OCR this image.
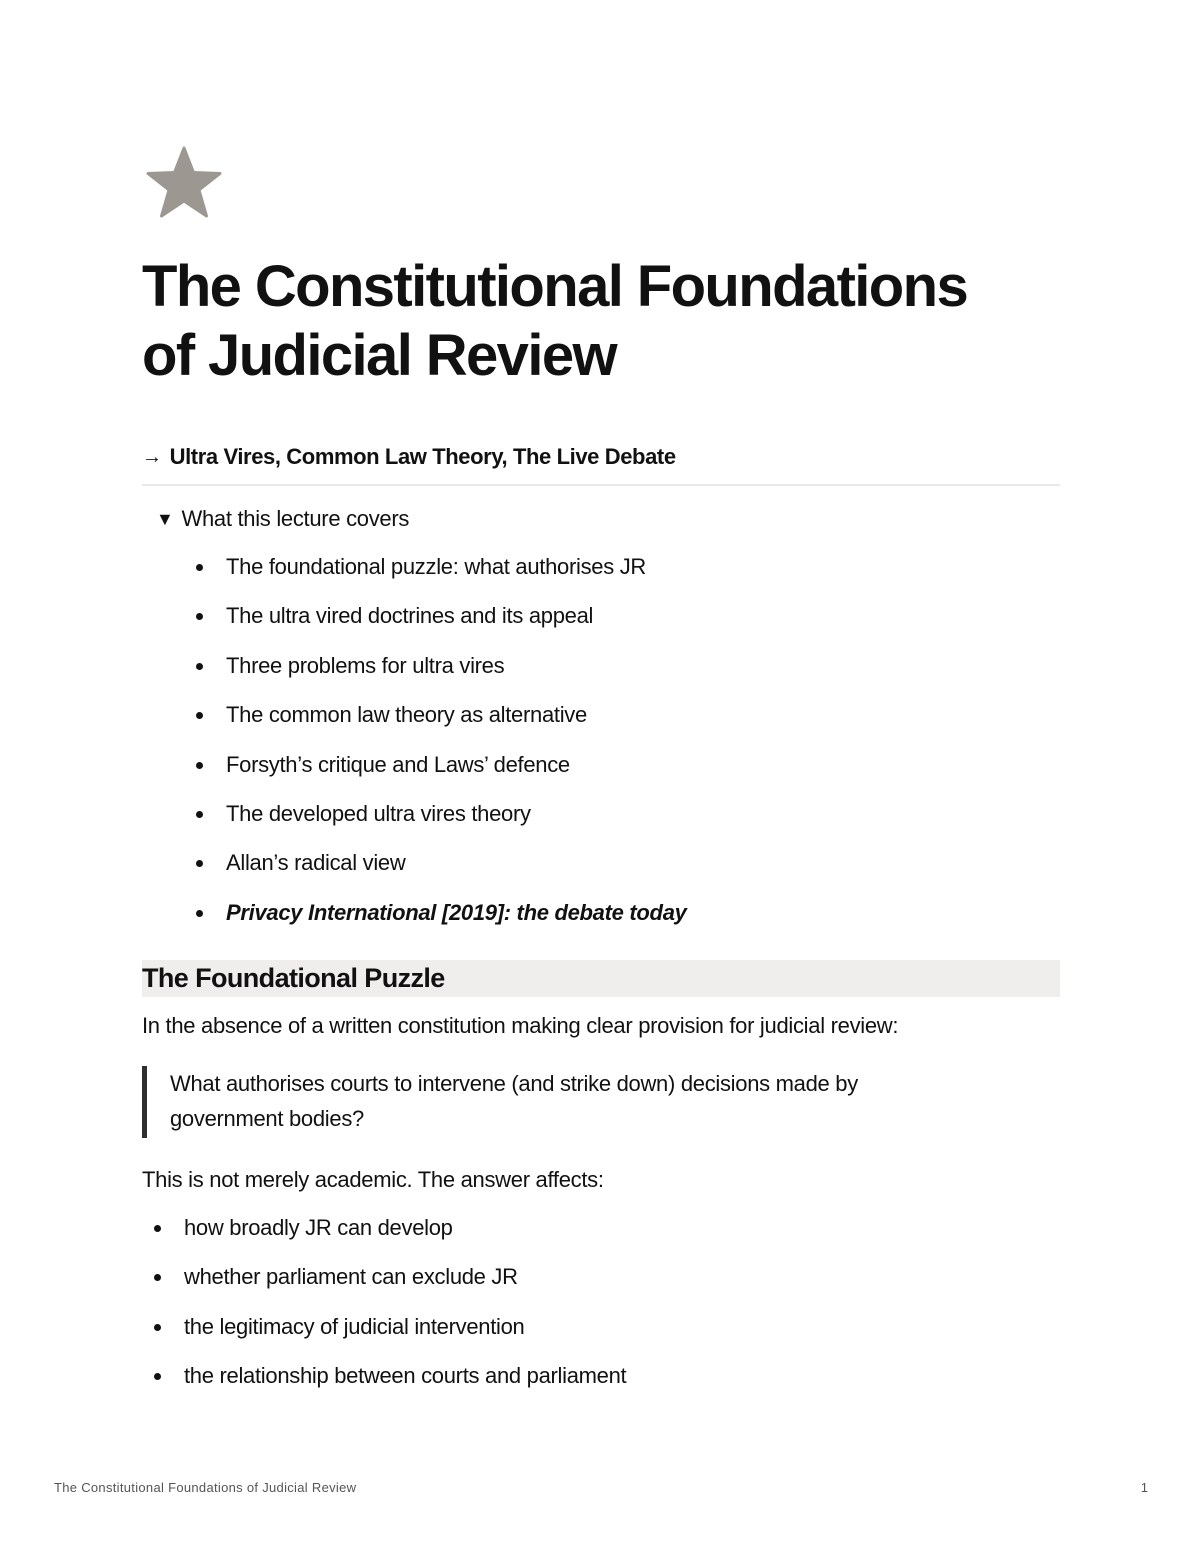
The Constitutional Foundations
of Judicial Review
→ Ultra Vires, Common Law Theory, The Live Debate
▼ What this lecture covers
The foundational puzzle: what authorises JR
The ultra vired doctrines and its appeal
Three problems for ultra vires
The common law theory as alternative
Forsyth’s critique and Laws’ defence
The developed ultra vires theory
Allan’s radical view
Privacy International [2019]: the debate today
The Foundational Puzzle

In the absence of a written constitution making clear provision for judicial review:

What authorises courts to intervene (and strike down) decisions made by
government bodies?

This is not merely academic. The answer affects:

how broadly JR can develop
whether parliament can exclude JR
the legitimacy of judicial intervention
the relationship between courts and parliament
The Constitutional Foundations of Judicial Review	1
